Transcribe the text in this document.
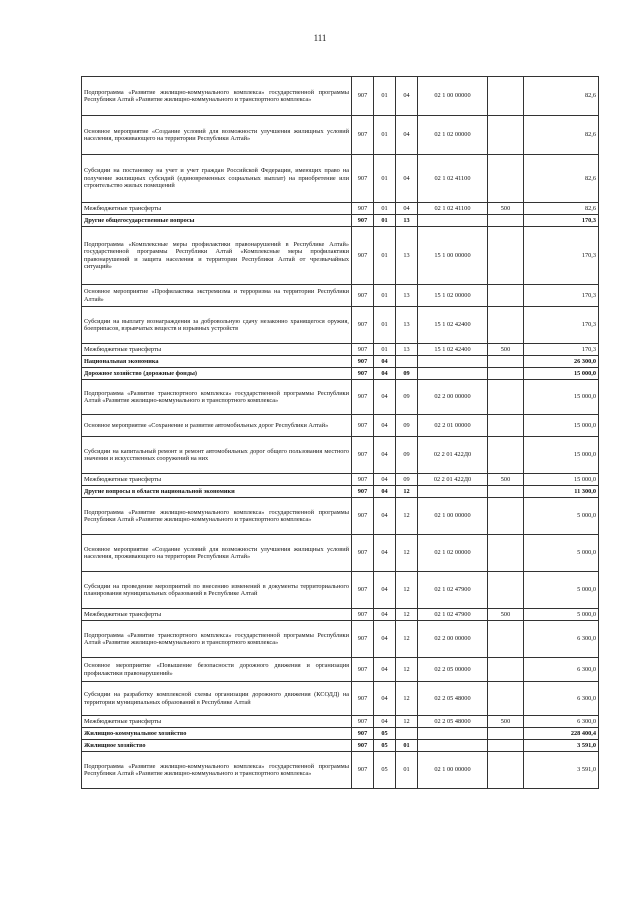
111
Подпрограмма «Развитие жилищно-коммунального комплекса» государственной программы Республики Алтай «Развитие жилищно-коммунального и транспортного комплекса»	907	01	04	02 1 00 00000		82,6
Основное мероприятие «Создание условий для возможности улучшения жилищных условий населения, проживающего на территории Республики Алтай»	907	01	04	02 1 02 00000		82,6
Субсидии на постановку на учет и учет граждан Российской Федерации, имеющих право на получение жилищных субсидий (единовременных социальных выплат) на приобретение или строительство жилых помещений	907	01	04	02 1 02 41100		82,6
Межбюджетные трансферты	907	01	04	02 1 02 41100	500	82,6
Другие общегосударственные вопросы	907	01	13			170,3
Подпрограмма «Комплексные меры профилактики правонарушений в Республике Алтай» государственной программы Республики Алтай «Комплексные меры профилактики правонарушений и защита населения и территории Республики Алтай от чрезвычайных ситуаций»	907	01	13	15 1 00 00000		170,3
Основное мероприятие «Профилактика экстремизма и терроризма на территории Республики Алтай»	907	01	13	15 1 02 00000		170,3
Субсидии на выплату вознаграждения за добровольную сдачу незаконно хранящегося оружия, боеприпасов, взрывчатых веществ и взрывных устройств	907	01	13	15 1 02 42400		170,3
Межбюджетные трансферты	907	01	13	15 1 02 42400	500	170,3
Национальная экономика	907	04				26 300,0
Дорожное хозяйство (дорожные фонды)	907	04	09			15 000,0
Подпрограмма «Развитие транспортного комплекса» государственной программы Республики Алтай «Развитие жилищно-коммунального и транспортного комплекса»	907	04	09	02 2 00 00000		15 000,0
Основное мероприятие «Сохранение и развитие автомобильных дорог Республики Алтай»	907	04	09	02 2 01 00000		15 000,0
Субсидии на капитальный ремонт и ремонт автомобильных дорог общего пользования местного значения и искусственных сооружений на них	907	04	09	02 2 01 422Д0		15 000,0
Межбюджетные трансферты	907	04	09	02 2 01 422Д0	500	15 000,0
Другие вопросы в области национальной экономики	907	04	12			11 300,0
Подпрограмма «Развитие жилищно-коммунального комплекса» государственной программы Республики Алтай «Развитие жилищно-коммунального и транспортного комплекса»	907	04	12	02 1 00 00000		5 000,0
Основное мероприятие «Создание условий для возможности улучшения жилищных условий населения, проживающего на территории Республики Алтай»	907	04	12	02 1 02 00000		5 000,0
Субсидии на проведение мероприятий по внесению изменений в документы территориального планирования муниципальных образований в Республике Алтай	907	04	12	02 1 02 47900		5 000,0
Межбюджетные трансферты	907	04	12	02 1 02 47900	500	5 000,0
Подпрограмма «Развитие транспортного комплекса» государственной программы Республики Алтай «Развитие жилищно-коммунального и транспортного комплекса»	907	04	12	02 2 00 00000		6 300,0
Основное мероприятие «Повышение безопасности дорожного движения и организация профилактики правонарушений»	907	04	12	02 2 05 00000		6 300,0
Субсидии на разработку комплексной схемы организации дорожного движения (КСОДД) на территории муниципальных образований в Республике Алтай	907	04	12	02 2 05 48000		6 300,0
Межбюджетные трансферты	907	04	12	02 2 05 48000	500	6 300,0
Жилищно-коммунальное хозяйство	907	05				228 400,4
Жилищное хозяйство	907	05	01			3 591,0
Подпрограмма «Развитие жилищно-коммунального комплекса» государственной программы Республики Алтай «Развитие жилищно-коммунального и транспортного комплекса»	907	05	01	02 1 00 00000		3 591,0
